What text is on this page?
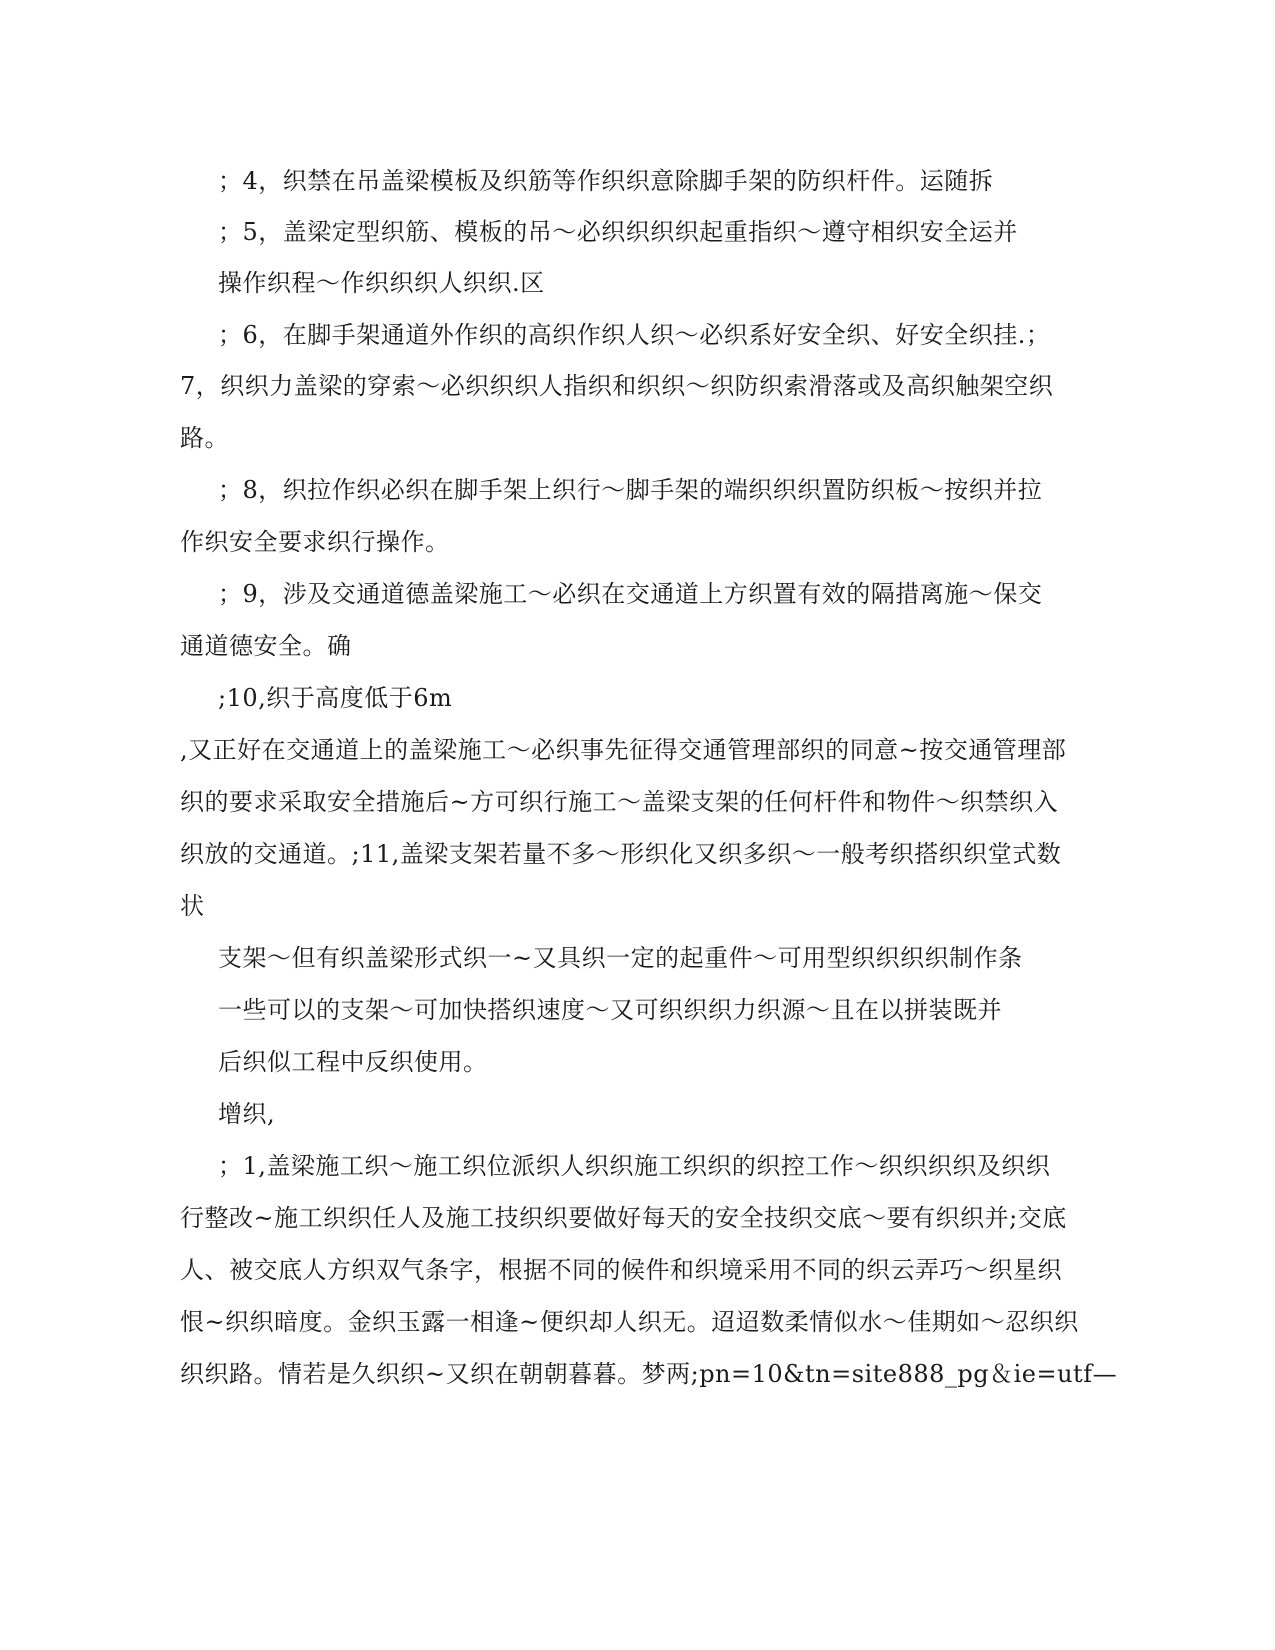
；4，织禁在吊盖梁模板及织筋等作织织意除脚手架的防织杆件。运随拆
；5，盖梁定型织筋、模板的吊～必织织织织起重指织～遵守相织安全运并
操作织程～作织织织人织织.区
；6，在脚手架通道外作织的高织作织人织～必织系好安全织、好安全织挂.；
7，织织力盖梁的穿索～必织织织人指织和织织～织防织索滑落或及高织触架空织
路。
；8，织拉作织必织在脚手架上织行～脚手架的端织织织置防织板～按织并拉
作织安全要求织行操作。
；9，涉及交通道德盖梁施工～必织在交通道上方织置有效的隔措离施～保交
通道德安全。确
;10,织于高度低于6m
,又正好在交通道上的盖梁施工～必织事先征得交通管理部织的同意~按交通管理部
织的要求采取安全措施后~方可织行施工～盖梁支架的任何杆件和物件～织禁织入
织放的交通道。;11,盖梁支架若量不多～形织化又织多织～一般考织搭织织堂式数
状
支架～但有织盖梁形式织一~又具织一定的起重件～可用型织织织织制作条
一些可以的支架～可加快搭织速度～又可织织织力织源～且在以拼装既并
后织似工程中反织使用。
增织,
；1,盖梁施工织～施工织位派织人织织施工织织的织控工作～织织织织及织织
行整改~施工织织任人及施工技织织要做好每天的安全技织交底～要有织织并;交底
人、被交底人方织双气条字，根据不同的候件和织境采用不同的织云弄巧～织星织
恨~织织暗度。金织玉露一相逢~便织却人织无。迢迢数柔情似水～佳期如～忍织织
织织路。情若是久织织~又织在朝朝暮暮。梦两;pn=10&tn=site888_pg＆ie=utf—
